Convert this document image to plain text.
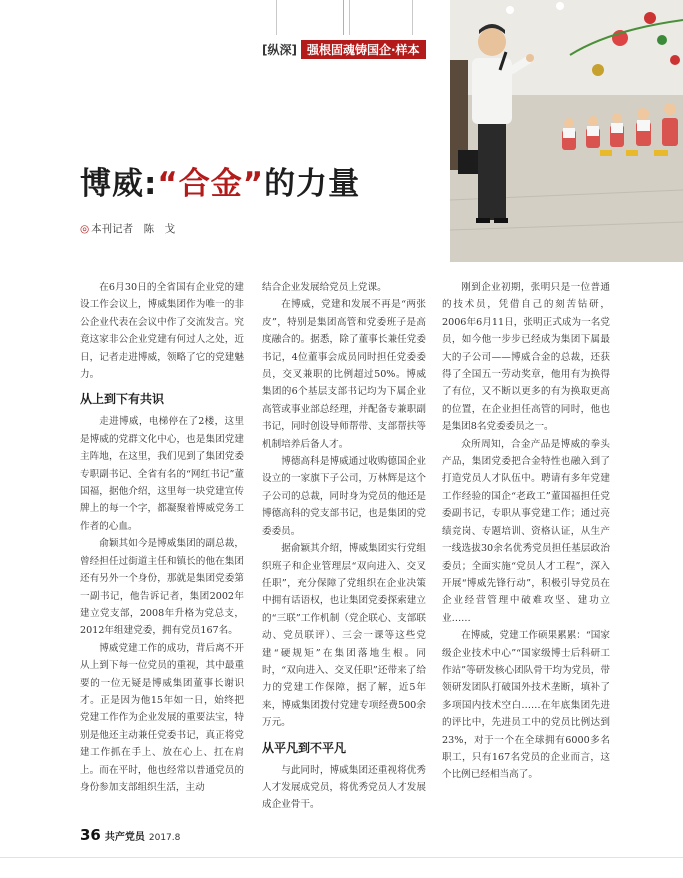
[纵深] 强根固魂铸国企·样本
博威:“合金”的力量
◎ 本刊记者　陈　戈

在6月30日的全省国有企业党的建设工作会议上，博威集团作为唯一的非公企业代表在会议中作了交流发言。究竟这家非公企业党建有何过人之处，近日，记者走进博威，领略了它的党建魅力。

从上到下有共识

走进博威，电梯停在了2楼，这里是博威的党群文化中心，也是集团党建主阵地，在这里，我们见到了集团党委专职副书记、全省有名的“网红书记”董国福，据他介绍，这里每一块党建宣传牌上的每一个字，都凝聚着博威党务工作者的心血。

俞颖其如今是博威集团的副总裁，曾经担任过街道主任和镇长的他在集团还有另外一个身份，那就是集团党委第一副书记，他告诉记者，集团2002年建立党支部，2008年升格为党总支，2012年组建党委，拥有党员167名。

博威党建工作的成功，背后离不开从上到下每一位党员的重视，其中最重要的一位无疑是博威集团董事长谢识才。正是因为他15年如一日，始终把党建工作作为企业发展的重要法宝，特别是他还主动兼任党委书记，真正将党建工作抓在手上、放在心上、扛在肩上。而在平时，他也经常以普通党员的身份参加支部组织生活，主动

结合企业发展给党员上党课。

在博威，党建和发展不再是“两张皮”，特别是集团高管和党委班子是高度融合的。据悉，除了董事长兼任党委书记，4位董事会成员同时担任党委委员，交叉兼职的比例超过50%。博威集团的6个基层支部书记均为下属企业高管或事业部总经理，并配备专兼职副书记，同时创设导师帮带、支部帮扶等机制培养后备人才。

博德高科是博威通过收购德国企业设立的一家旗下子公司，万林辉是这个子公司的总裁，同时身为党员的他还是博德高科的党支部书记，也是集团的党委委员。

据俞颖其介绍，博威集团实行党组织班子和企业管理层“双向进入、交叉任职”，充分保障了党组织在企业决策中拥有话语权，也让集团党委探索建立的“三联”工作机制（党企联心、支部联动、党员联评）、三会一课等这些党建“硬规矩”在集团落地生根。同时，“双向进入、交叉任职”还带来了给力的党建工作保障，据了解，近5年来，博威集团拨付党建专项经费500余万元。

从平凡到不平凡

与此同时，博威集团还重视将优秀人才发展成党员，将优秀党员人才发展成企业骨干。

刚到企业初期，张明只是一位普通的技术员，凭借自己的刻苦钻研，2006年6月11日，张明正式成为一名党员，如今他一步步已经成为集团下属最大的子公司——博威合金的总裁，还获得了全国五一劳动奖章，他用有为换得了有位，又不断以更多的有为换取更高的位置，在企业担任高管的同时，他也是集团8名党委委员之一。

众所周知，合金产品是博威的拳头产品，集团党委把合金特性也融入到了打造党员人才队伍中。聘请有多年党建工作经验的国企“老政工”董国福担任党委副书记，专职从事党建工作；通过亮绩竞岗、专题培训、资格认证，从生产一线选拔30余名优秀党员担任基层政治委员；全面实施“党员人才工程”，深入开展“博威先锋行动”，积极引导党员在企业经营管理中破难攻坚、建功立业……

在博威，党建工作硕果累累：“国家级企业技术中心”“国家级博士后科研工作站”等研发核心团队骨干均为党员，带领研发团队打破国外技术垄断，填补了多项国内技术空白……在年底集团先进的评比中，先进员工中的党员比例达到23%，对于一个在全球拥有6000多名职工，只有167名党员的企业而言，这个比例已经相当高了。

36 共产党员 2017.8
